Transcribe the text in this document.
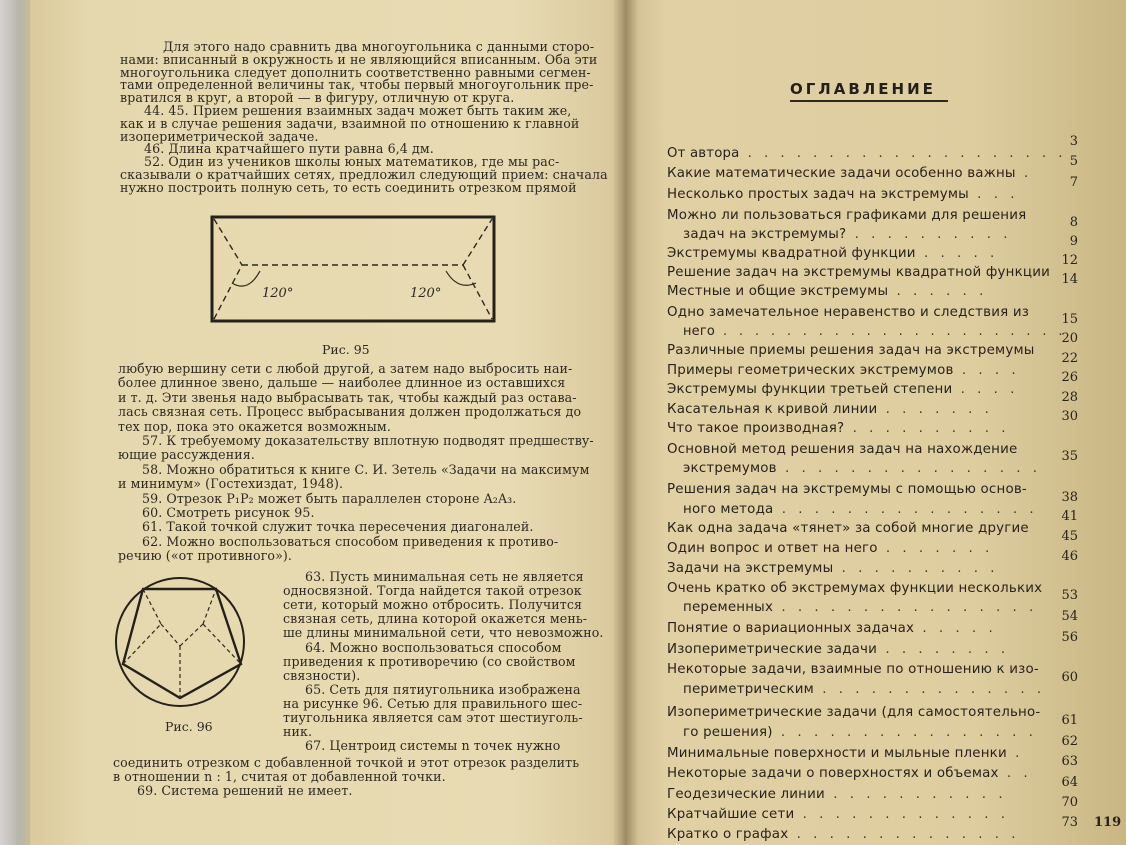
Для этого надо сравнить два многоугольника с данными сторо-
нами: вписанный в окружность и не являющийся вписанным. Оба эти
многоугольника следует дополнить соответственно равными сегмен-
тами определенной величины так, чтобы первый многоугольник пре-
вратился в круг, а второй — в фигуру, отличную от круга.
44. 45. Прием решения взаимных задач может быть таким же,
как и в случае решения задачи, взаимной по отношению к главной
изопериметрической задаче.
46. Длина кратчайшего пути равна 6,4 дм.
52. Один из учеников школы юных математиков, где мы рас-
сказывали о кратчайших сетях, предложил следующий прием: сначала
нужно построить полную сеть, то есть соединить отрезком прямой
120°	120°
Рис. 95
любую вершину сети с любой другой, а затем надо выбросить наи-
более длинное звено, дальше — наиболее длинное из оставшихся
и т. д. Эти звенья надо выбрасывать так, чтобы каждый раз остава-
лась связная сеть. Процесс выбрасывания должен продолжаться до
тех пор, пока это окажется возможным.
57. К требуемому доказательству вплотную подводят предшеству-
ющие рассуждения.
58. Можно обратиться к книге С. И. Зетель «Задачи на максимум
и минимум» (Гостехиздат, 1948).
59. Отрезок P₁P₂ может быть параллелен стороне A₂A₃.
60. Смотреть рисунок 95.
61. Такой точкой служит точка пересечения диагоналей.
62. Можно воспользоваться способом приведения к противо-
речию («от противного»).
Рис. 96
63. Пусть минимальная сеть не является
односвязной. Тогда найдется такой отрезок
сети, который можно отбросить. Получится
связная сеть, длина которой окажется мень-
ше длины минимальной сети, что невозможно.
64. Можно воспользоваться способом
приведения к противоречию (со свойством
связности).
65. Сеть для пятиугольника изображена
на рисунке 96. Сетью для правильного шес-
тиугольника является сам этот шестиуголь-
ник.
67. Центроид системы n точек нужно
соединить отрезком с добавленной точкой и этот отрезок разделить
в отношении n : 1, считая от добавленной точки.
69. Система решений не имеет.
ОГЛАВЛЕНИЕ
От автора . . . . . . . . . . . . . . . . . . . .
3
Какие математические задачи особенно важны .
5
Несколько простых задач на экстремумы . . .
7
Можно ли пользоваться графиками для решения
задач на экстремумы? . . . . . . . . . .
8
Экстремумы квадратной функции . . . . .
9
Решение задач на экстремумы квадратной функции
12
Местные и общие экстремумы . . . . . .
14
Одно замечательное неравенство и следствия из
него . . . . . . . . . . . . . . . . . . . . . .
15
Различные приемы решения задач на экстремумы
20
Примеры геометрических экстремумов . . . .
22
Экстремумы функции третьей степени . . . .
26
Касательная к кривой линии . . . . . . .
28
Что такое производная? . . . . . . . . . .
30
Основной метод решения задач на нахождение
экстремумов . . . . . . . . . . . . . . . .
35
Решения задач на экстремумы с помощью основ-
ного метода . . . . . . . . . . . . . . . .
38
Как одна задача «тянет» за собой многие другие
41
Один вопрос и ответ на него . . . . . . .
45
Задачи на экстремумы . . . . . . . . . .
46
Очень кратко об экстремумах функции нескольких
переменных . . . . . . . . . . . . . . . .
53
Понятие о вариационных задачах . . . . .
54
Изопериметрические задачи . . . . . . . .
56
Некоторые задачи, взаимные по отношению к изо-
периметрическим . . . . . . . . . . . . . .
60
Изопериметрические задачи (для самостоятельно-
го решения) . . . . . . . . . . . . . . . .
61
Минимальные поверхности и мыльные пленки .
62
Некоторые задачи о поверхностях и объемах . .
63
Геодезические линии . . . . . . . . . . .
64
Кратчайшие сети . . . . . . . . . . . . .
70
Кратко о графах . . . . . . . . . . . . . .
73 119
